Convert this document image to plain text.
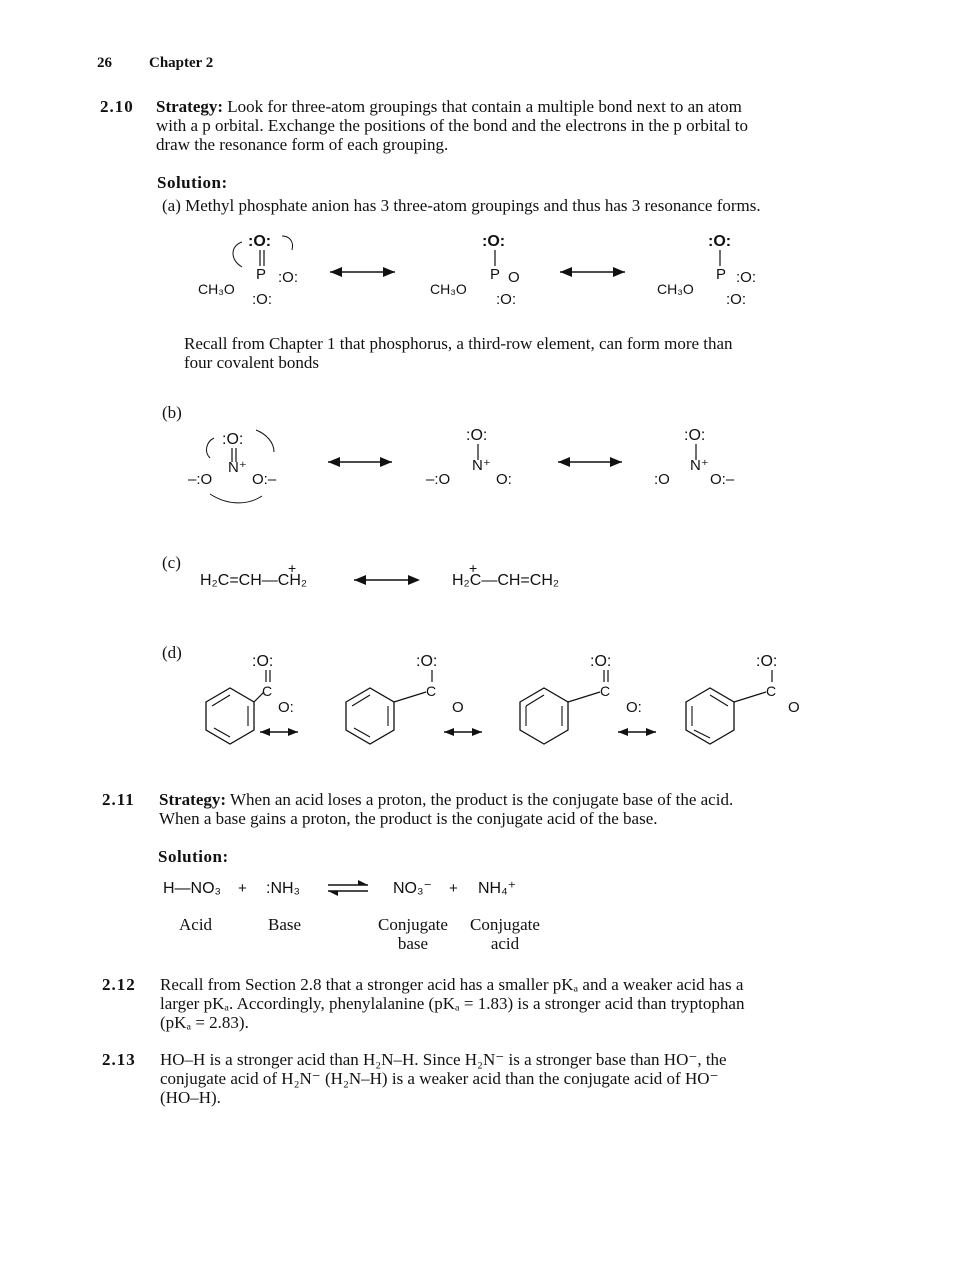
26 Chapter 2
2.10 Strategy: Look for three-atom groupings that contain a multiple bond next to an atom
with a p orbital. Exchange the positions of the bond and the electrons in the p orbital to
draw the resonance form of each grouping.
Solution:
(a) Methyl phosphate anion has 3 three-atom groupings and thus has 3 resonance forms.
:O:
P
CH₃O
:O:
:O:
:O:
P
CH₃O
O
:O:
:O:
P
CH₃O
:O:
:O:
Recall from Chapter 1 that phosphorus, a third-row element, can form more than
four covalent bonds
(b)
:O:
N⁺
–:O	O:–
:O:
N⁺
–:O	O:
:O:
N⁺
:O	O:–
(c)	+
H₂C=CH—CH₂
+
H₂C—CH=CH₂
(d)
C
:O:
O:
C
:O:
O
C
:O:
O:
C
:O:
O
2.11 Strategy: When an acid loses a proton, the product is the conjugate base of the acid.
When a base gains a proton, the product is the conjugate acid of the base.
Solution:
H—NO₃ + :NH₃ ⇌ NO₃⁻ + NH₄⁺
Acid	Base	Conjugate
base
Conjugate
acid
2.12 Recall from Section 2.8 that a stronger acid has a smaller pKₐ and a weaker acid has a
larger pKₐ. Accordingly, phenylalanine (pKₐ = 1.83) is a stronger acid than tryptophan
(pKₐ = 2.83).
2.13 HO–H is a stronger acid than H₂N–H. Since H₂N⁻ is a stronger base than HO⁻, the
conjugate acid of H₂N⁻ (H₂N–H) is a weaker acid than the conjugate acid of HO⁻
(HO–H).
